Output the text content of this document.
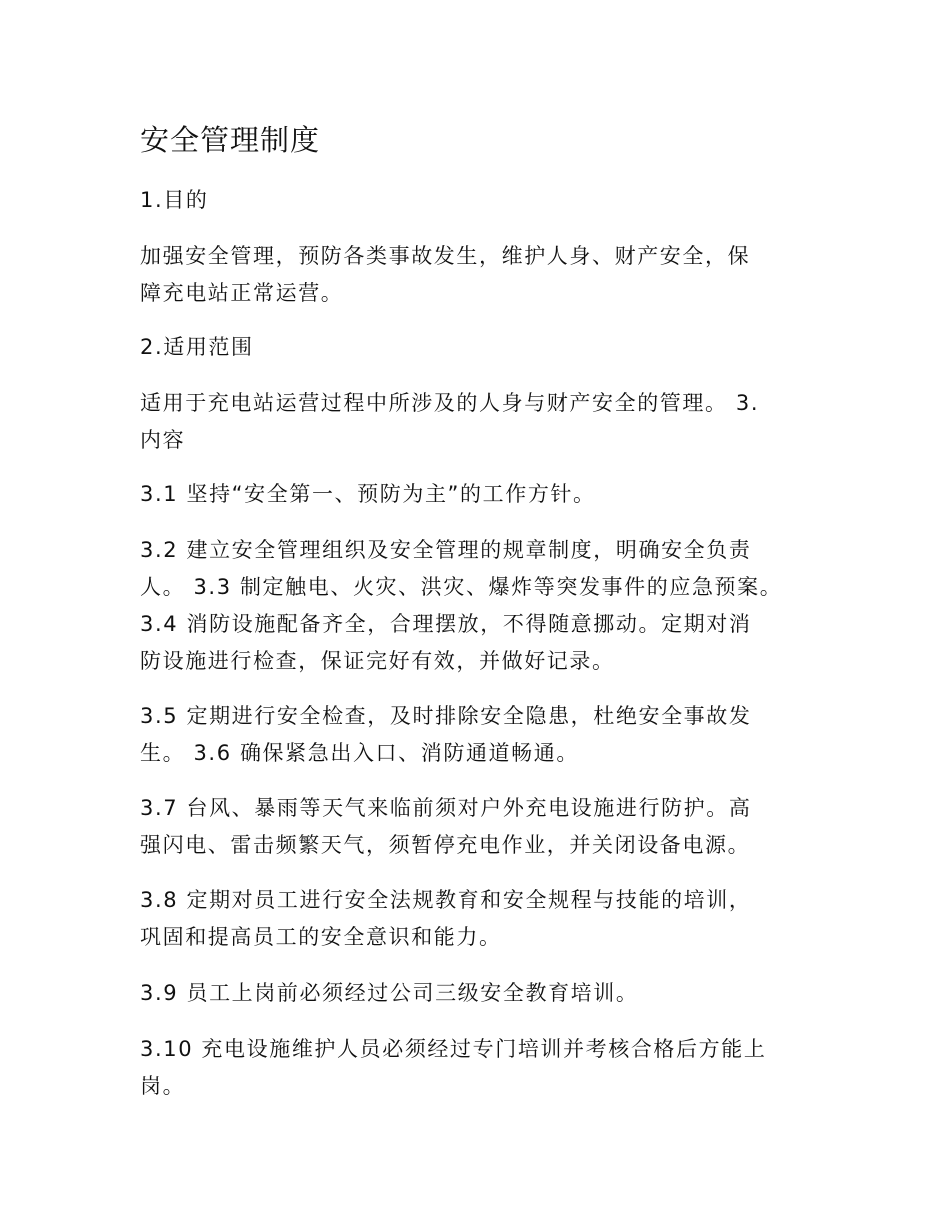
安全管理制度

1.目的

加强安全管理，预防各类事故发生，维护人身、财产安全，保
障充电站正常运营。

2.适用范围

适用于充电站运营过程中所涉及的人身与财产安全的管理。 3.
内容

3.1 坚持“安全第一、预防为主”的工作方针。

3.2 建立安全管理组织及安全管理的规章制度，明确安全负责
人。 3.3 制定触电、火灾、洪灾、爆炸等突发事件的应急预案。
3.4 消防设施配备齐全，合理摆放，不得随意挪动。定期对消
防设施进行检查，保证完好有效，并做好记录。

3.5 定期进行安全检查，及时排除安全隐患，杜绝安全事故发
生。 3.6 确保紧急出入口、消防通道畅通。

3.7 台风、暴雨等天气来临前须对户外充电设施进行防护。高
强闪电、雷击频繁天气，须暂停充电作业，并关闭设备电源。

3.8 定期对员工进行安全法规教育和安全规程与技能的培训，
巩固和提高员工的安全意识和能力。

3.9 员工上岗前必须经过公司三级安全教育培训。

3.10 充电设施维护人员必须经过专门培训并考核合格后方能上
岗。
